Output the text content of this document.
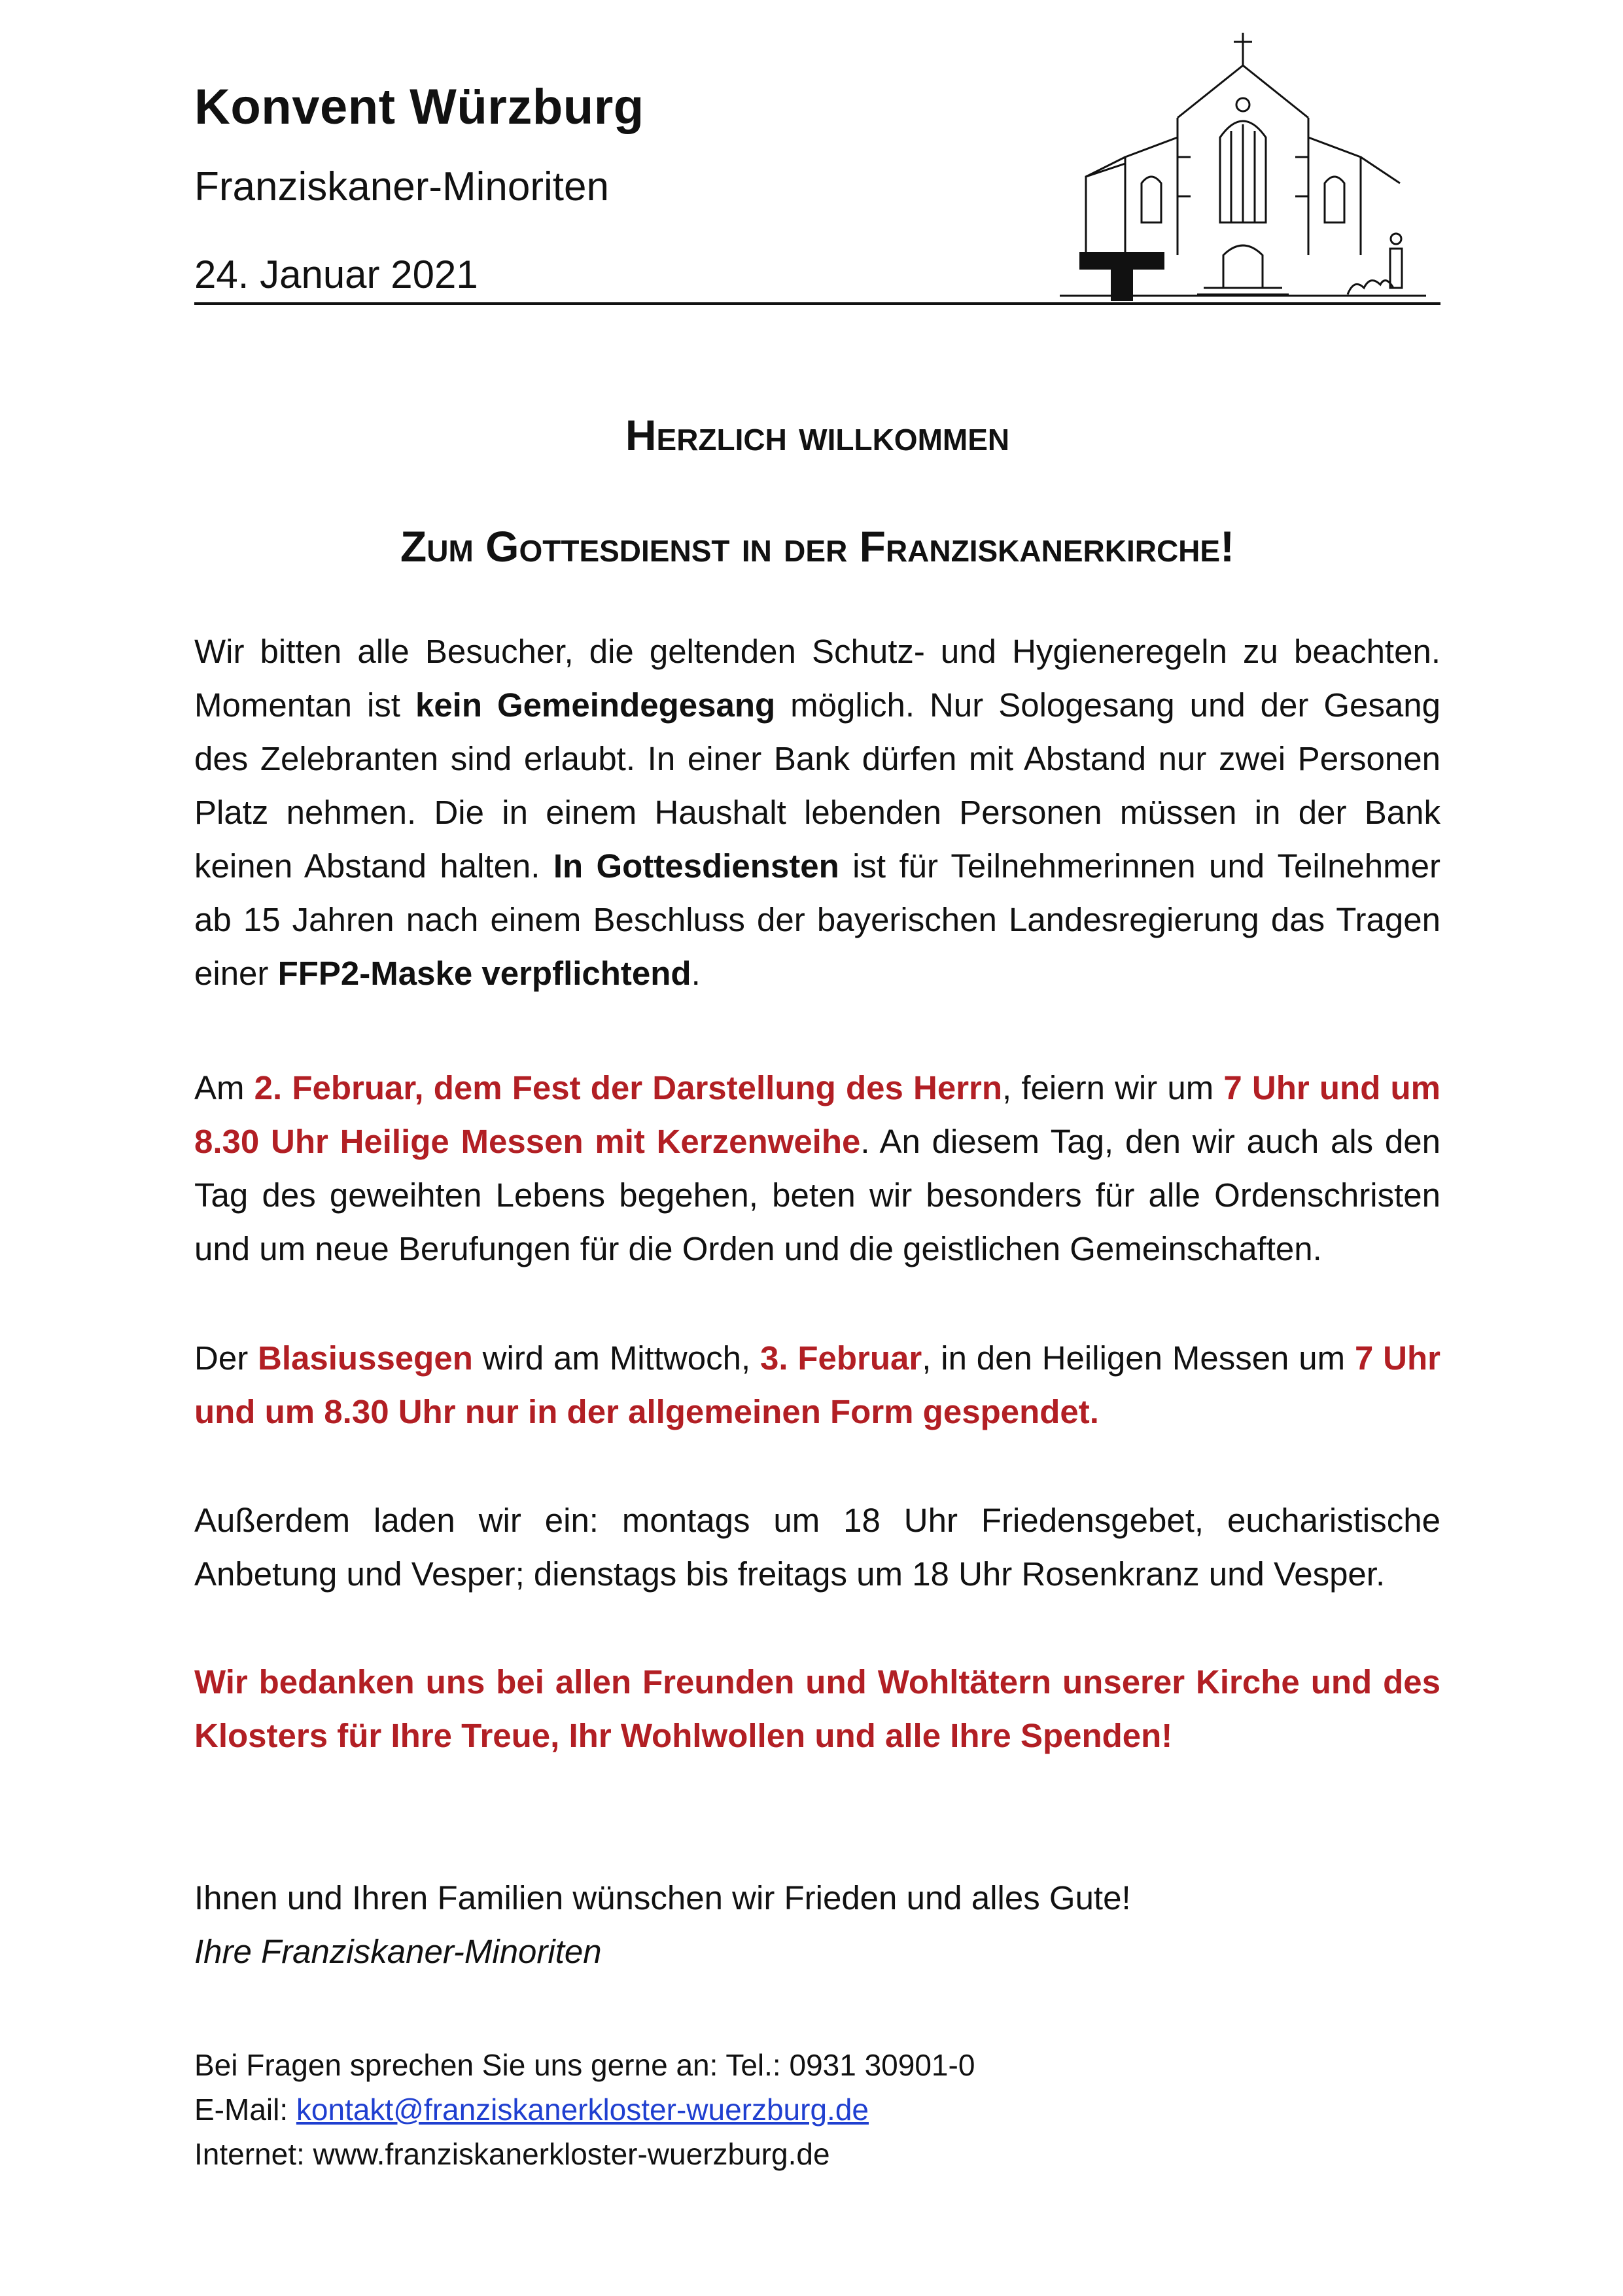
Konvent Würzburg
Franziskaner-Minoriten
24. Januar 2021
Herzlich willkommen
Zum Gottesdienst in der Franziskanerkirche!

Wir bitten alle Besucher, die geltenden Schutz- und Hygieneregeln zu beachten. Momentan ist kein Gemeindegesang möglich. Nur Sologesang und der Gesang des Zelebranten sind erlaubt. In einer Bank dürfen mit Abstand nur zwei Personen Platz nehmen. Die in einem Haushalt lebenden Personen müssen in der Bank keinen Abstand halten. In Gottesdiensten ist für Teilnehmerinnen und Teilnehmer ab 15 Jahren nach einem Beschluss der bayerischen Landesregierung das Tragen einer FFP2-Maske verpflichtend.

Am 2. Februar, dem Fest der Darstellung des Herrn, feiern wir um 7 Uhr und um 8.30 Uhr Heilige Messen mit Kerzenweihe. An diesem Tag, den wir auch als den Tag des geweihten Lebens begehen, beten wir besonders für alle Ordenschristen und um neue Berufungen für die Orden und die geistlichen Gemeinschaften.

Der Blasiussegen wird am Mittwoch, 3. Februar, in den Heiligen Messen um 7 Uhr und um 8.30 Uhr nur in der allgemeinen Form gespendet.

Außerdem laden wir ein: montags um 18 Uhr Friedensgebet, eucharistische Anbetung und Vesper; dienstags bis freitags um 18 Uhr Rosenkranz und Vesper.

Wir bedanken uns bei allen Freunden und Wohltätern unserer Kirche und des Klosters für Ihre Treue, Ihr Wohlwollen und alle Ihre Spenden!

Ihnen und Ihren Familien wünschen wir Frieden und alles Gute!
Ihre Franziskaner-Minoriten

Bei Fragen sprechen Sie uns gerne an: Tel.: 0931 30901-0
E-Mail: kontakt@franziskanerkloster-wuerzburg.de
Internet: www.franziskanerkloster-wuerzburg.de
